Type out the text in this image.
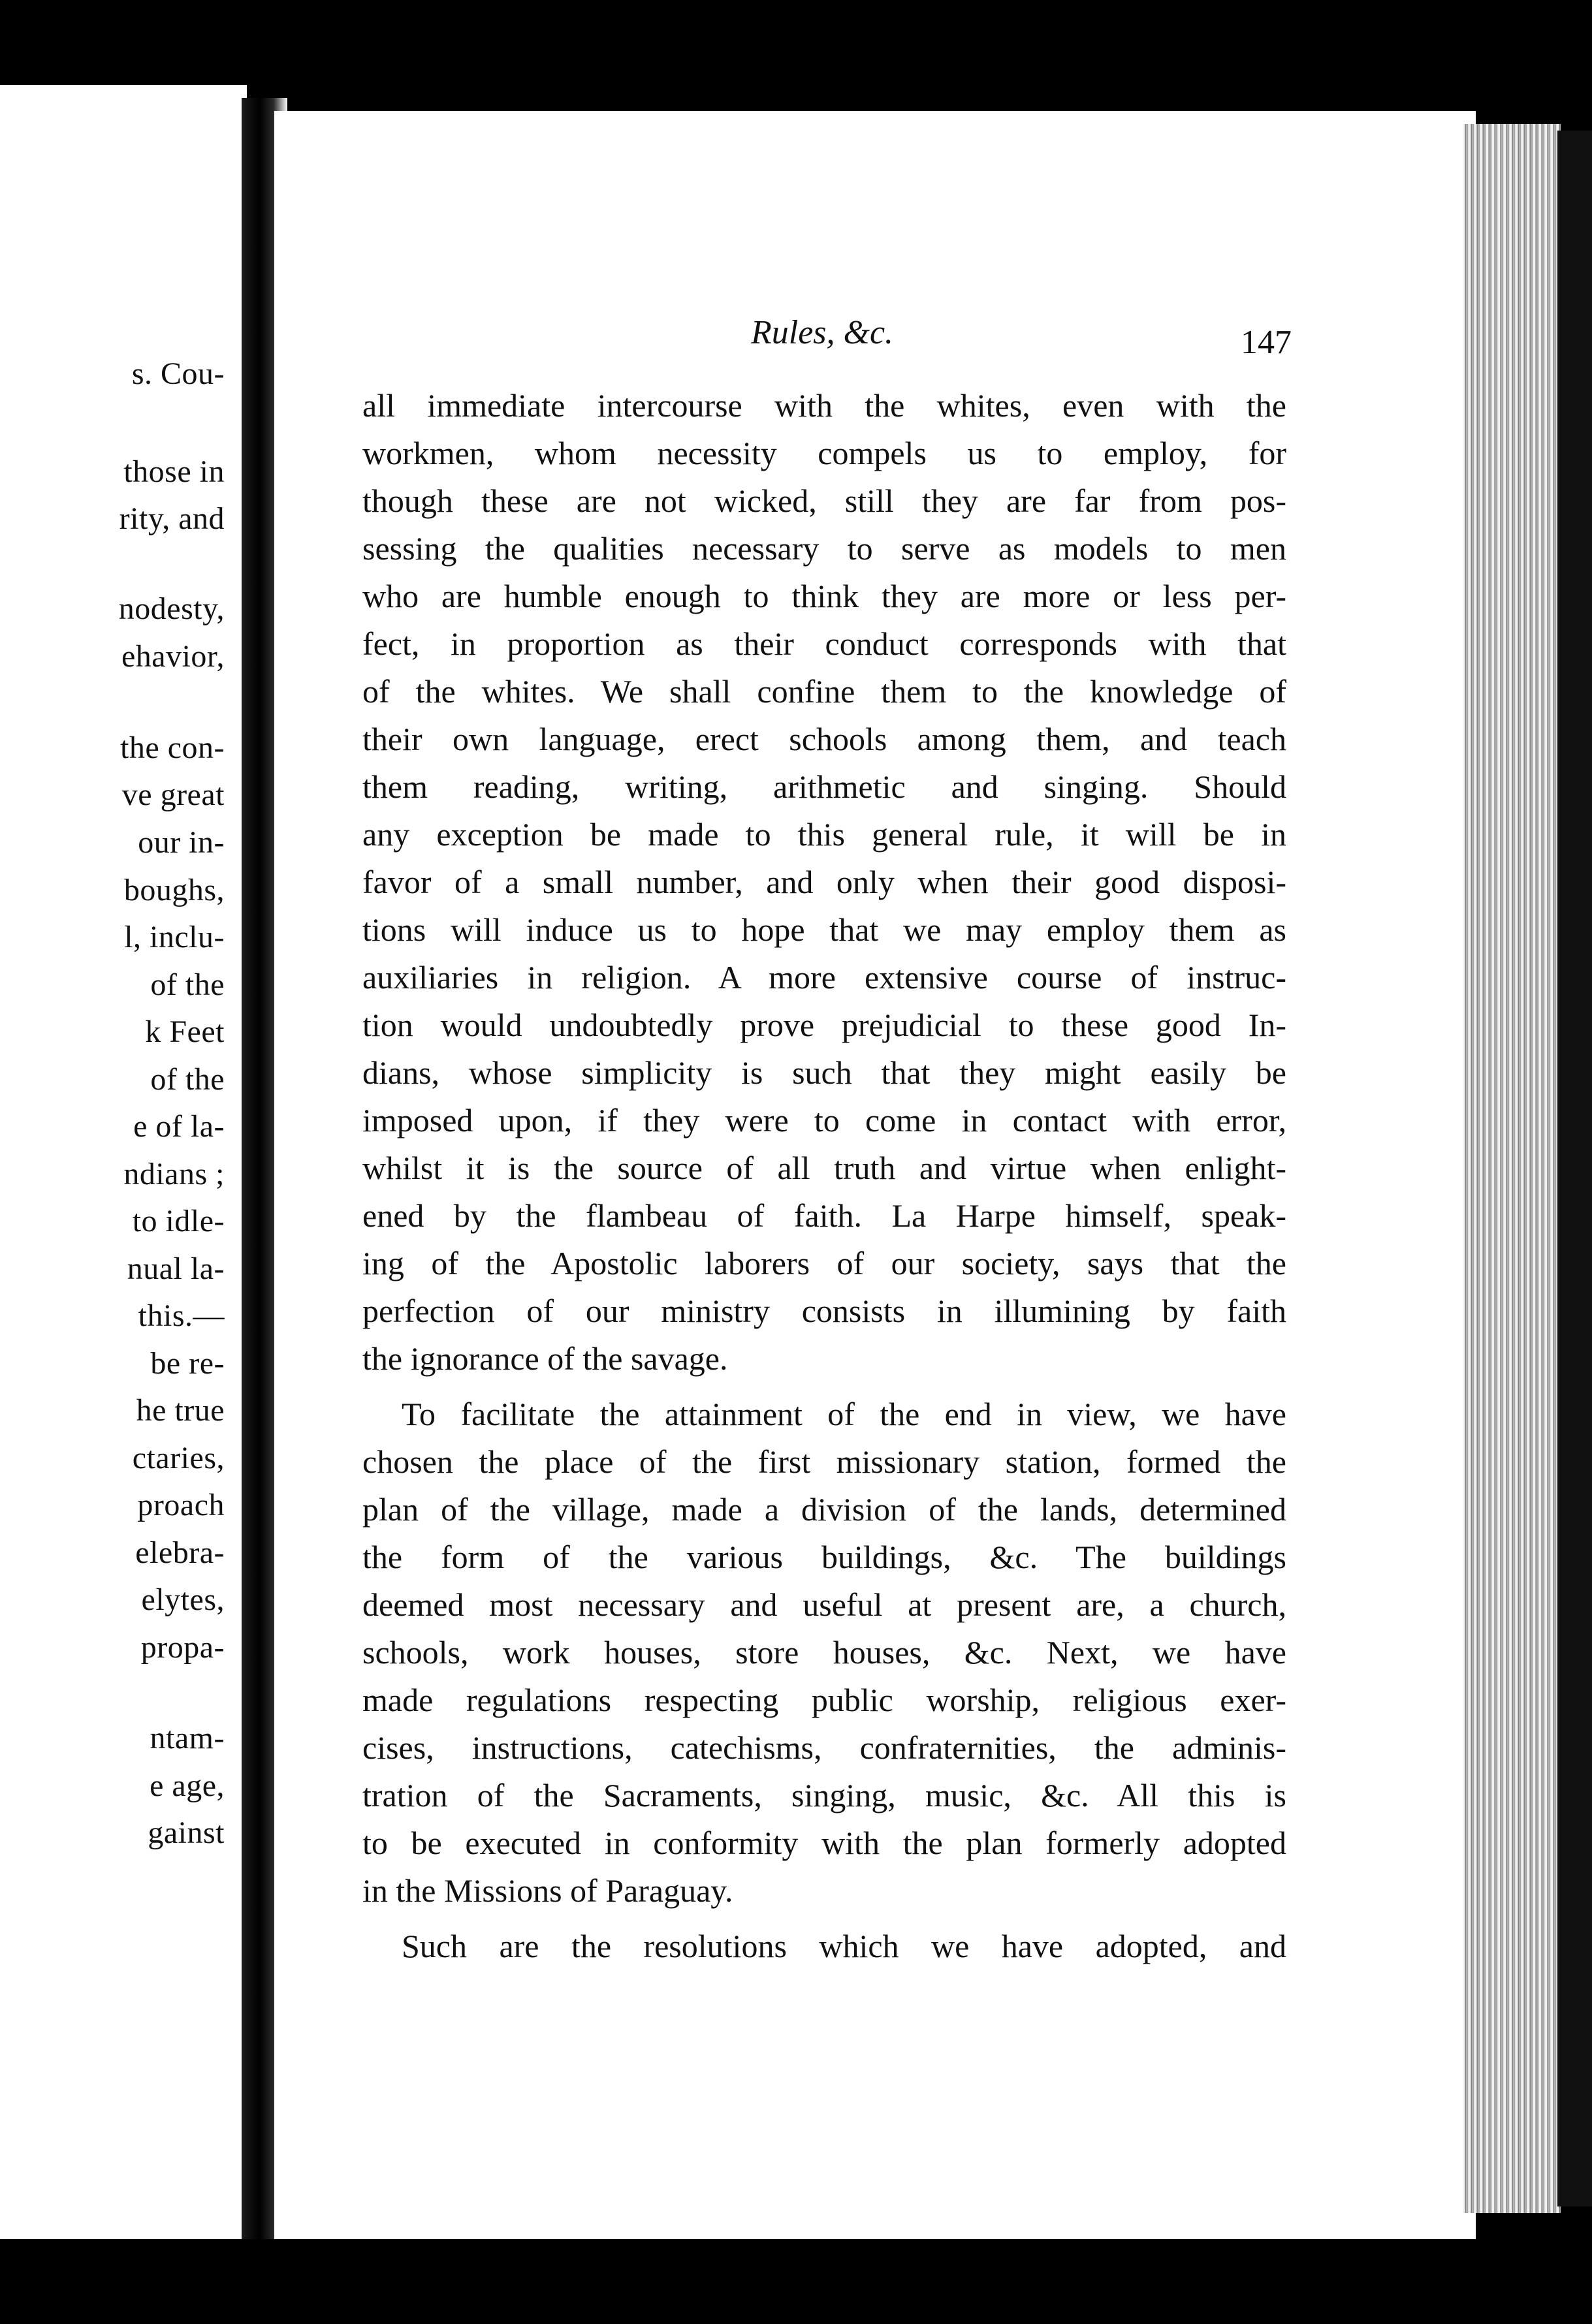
s. Cou-
those in
rity, and
nodesty,
ehavior,
the con-
ve great
our in-
boughs,
l, inclu-
of the
k Feet
of the
e of la-
ndians ;
to idle-
nual la-
this.—
be re-
he true
ctaries,
proach
elebra-
elytes,
propa-
ntam-
e age,
gainst
Rules, &c.	147
all immediate intercourse with the whites, even with the
workmen, whom necessity compels us to employ, for
though these are not wicked, still they are far from pos-
sessing the qualities necessary to serve as models to men
who are humble enough to think they are more or less per-
fect, in proportion as their conduct corresponds with that
of the whites. We shall confine them to the knowledge of
their own language, erect schools among them, and teach
them reading, writing, arithmetic and singing. Should
any exception be made to this general rule, it will be in
favor of a small number, and only when their good disposi-
tions will induce us to hope that we may employ them as
auxiliaries in religion. A more extensive course of instruc-
tion would undoubtedly prove prejudicial to these good In-
dians, whose simplicity is such that they might easily be
imposed upon, if they were to come in contact with error,
whilst it is the source of all truth and virtue when enlight-
ened by the flambeau of faith. La Harpe himself, speak-
ing of the Apostolic laborers of our society, says that the
perfection of our ministry consists in illumining by faith
the ignorance of the savage.
To facilitate the attainment of the end in view, we have
chosen the place of the first missionary station, formed the
plan of the village, made a division of the lands, determined
the form of the various buildings, &c. The buildings
deemed most necessary and useful at present are, a church,
schools, work houses, store houses, &c. Next, we have
made regulations respecting public worship, religious exer-
cises, instructions, catechisms, confraternities, the adminis-
tration of the Sacraments, singing, music, &c. All this is
to be executed in conformity with the plan formerly adopted
in the Missions of Paraguay.
Such are the resolutions which we have adopted, and
